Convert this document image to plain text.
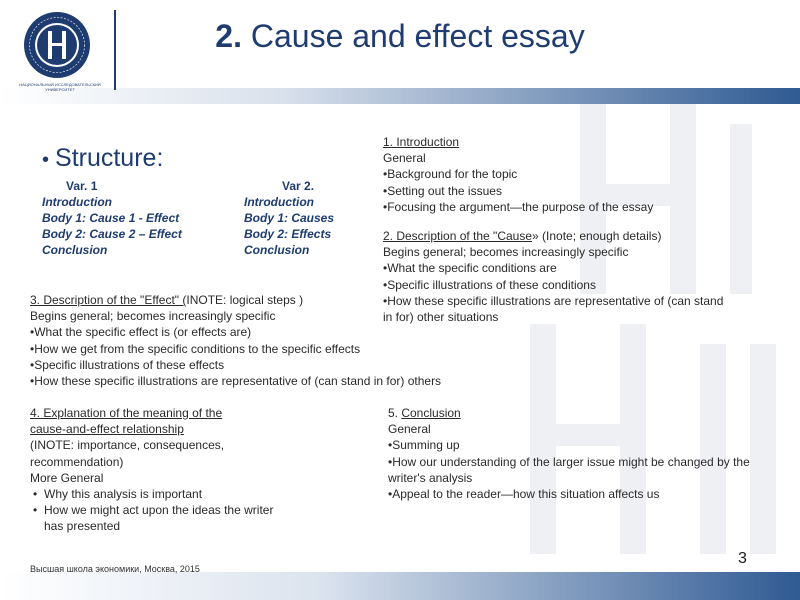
НАЦИОНАЛЬНЫЙ ИССЛЕДОВАТЕЛЬСКИЙ УНИВЕРСИТЕТ
2. Cause and effect essay
• Structure:
Var. 1
Introduction
Body 1: Cause 1 - Effect
Body 2: Cause 2 – Effect
Conclusion
Var 2.
Introduction
Body 1: Causes
Body 2: Effects
Conclusion
1. Introduction
General
•Background for the topic
•Setting out the issues
•Focusing the argument—the purpose of the essay
2. Description of the "Cause» (Inote; enough details)
Begins general; becomes increasingly specific
•What the specific conditions are
•Specific illustrations of these conditions
•How these specific illustrations are representative of (can stand in for) other situations
3. Description of the "Effect" (INOTE: logical steps )
Begins general; becomes increasingly specific
•What the specific effect is (or effects are)
•How we get from the specific conditions to the specific effects
•Specific illustrations of these effects
•How these specific illustrations are representative of (can stand in for) others
4. Explanation of the meaning of the
cause-and-effect relationship
(INOTE: importance, consequences, recommendation)
More General
• Why this analysis is important
• How we might act upon the ideas the writer has presented
5. Conclusion
General
•Summing up
•How our understanding of the larger issue might be changed by the writer's analysis
•Appeal to the reader—how this situation affects us
Высшая школа экономики, Москва, 2015
3
